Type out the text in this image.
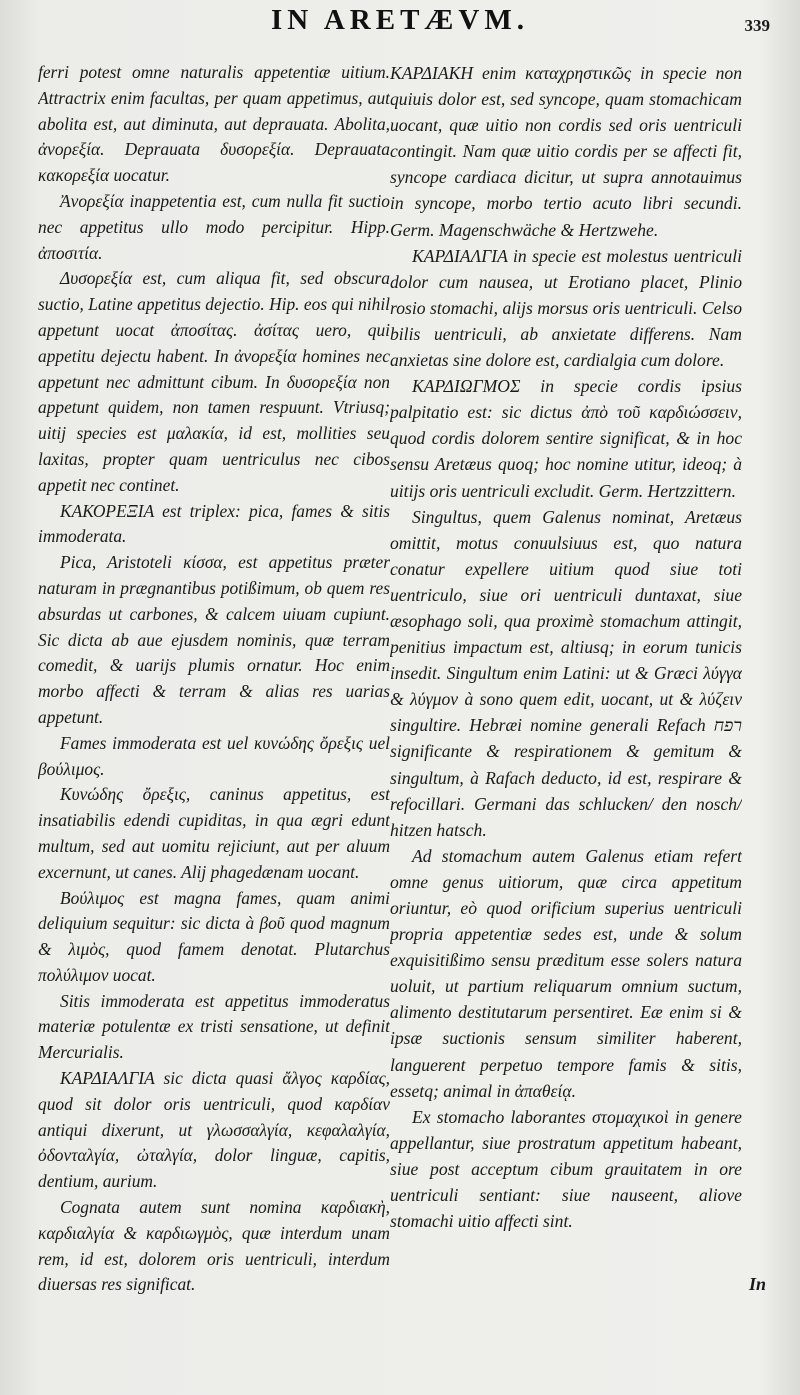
IN ARETÆVM.	339

ferri potest omne naturalis appetentiæ uitium. Attractrix enim facultas, per quam appetimus, aut abolita est, aut diminuta, aut deprauata. Abolita, ἀνορεξία. Deprauata δυσορεξία. Deprauata κακορεξία uocatur.

Ἀνορεξία inappetentia est, cum nulla fit suctio nec appetitus ullo modo percipitur. Hipp. ἀποσιτία.

Δυσορεξία est, cum aliqua fit, sed obscura suctio, Latine appetitus dejectio. Hip. eos qui nihil appetunt uocat ἀποσίτας. ἀσίτας uero, qui appetitu dejectu habent. In ἀνορεξία homines nec appetunt nec admittunt cibum. In δυσορεξία non appetunt quidem, non tamen respuunt. Vtriusq; uitij species est μαλακία, id est, mollities seu laxitas, propter quam uentriculus nec cibos appetit nec continet.

ΚΑΚΟΡΕΞΙΑ est triplex: pica, fames & sitis immoderata.

Pica, Aristoteli κίσσα, est appetitus præter naturam in prægnantibus potißimum, ob quem res absurdas ut carbones, & calcem uiuam cupiunt. Sic dicta ab aue ejusdem nominis, quæ terram comedit, & uarijs plumis ornatur. Hoc enim morbo affecti & terram & alias res uarias appetunt.

Fames immoderata est uel κυνώδης ὄρεξις uel βούλιμος.

Κυνώδης ὄρεξις, caninus appetitus, est insatiabilis edendi cupiditas, in qua ægri edunt multum, sed aut uomitu rejiciunt, aut per aluum excernunt, ut canes. Alij phagedænam uocant.

Βούλιμος est magna fames, quam animi deliquium sequitur: sic dicta à βοῦ quod magnum & λιμὸς, quod famem denotat. Plutarchus πολύλιμον uocat.

Sitis immoderata est appetitus immoderatus materiæ potulentæ ex tristi sensatione, ut definit Mercurialis.

ΚΑΡΔΙΑΛΓΙΑ sic dicta quasi ἄλγος καρδίας, quod sit dolor oris uentriculi, quod καρδίαν antiqui dixerunt, ut γλωσσαλγία, κεφαλαλγία, ὀδονταλγία, ὠταλγία, dolor linguæ, capitis, dentium, aurium.

Cognata autem sunt nomina καρδιακὴ, καρδιαλγία & καρδιωγμὸς, quæ interdum unam rem, id est, dolorem oris uentriculi, interdum diuersas res significat.

ΚΑΡΔΙΑΚΗ enim καταχρηστικῶς in specie non quiuis dolor est, sed syncope, quam stomachicam uocant, quæ uitio non cordis sed oris uentriculi contingit. Nam quæ uitio cordis per se affecti fit, syncope cardiaca dicitur, ut supra annotauimus in syncope, morbo tertio acuto libri secundi. Germ. Magenschwäche & Hertzwehe.

ΚΑΡΔΙΑΛΓΙΑ in specie est molestus uentriculi dolor cum nausea, ut Erotiano placet, Plinio rosio stomachi, alijs morsus oris uentriculi. Celso bilis uentriculi, ab anxietate differens. Nam anxietas sine dolore est, cardialgia cum dolore.

ΚΑΡΔΙΩΓΜΟΣ in specie cordis ipsius palpitatio est: sic dictus ἀπὸ τοῦ καρδιώσσειν, quod cordis dolorem sentire significat, & in hoc sensu Aretæus quoq; hoc nomine utitur, ideoq; à uitijs oris uentriculi excludit. Germ. Hertzzittern.

Singultus, quem Galenus nominat, Aretæus omittit, motus conuulsiuus est, quo natura conatur expellere uitium quod siue toti uentriculo, siue ori uentriculi duntaxat, siue æsophago soli, qua proximè stomachum attingit, penitius impactum est, altiusq; in eorum tunicis insedit. Singultum enim Latini: ut & Græci λύγγα & λύγμον à sono quem edit, uocant, ut & λύζειν singultire. Hebræi nomine generali Refach רפח significante & respirationem & gemitum & singultum, à Rafach deducto, id est, respirare & refocillari. Germani das schlucken/ den nosch/ hitzen hatsch.

Ad stomachum autem Galenus etiam refert omne genus uitiorum, quæ circa appetitum oriuntur, eò quod orificium superius uentriculi propria appetentiæ sedes est, unde & solum exquisitißimo sensu præditum esse solers natura uoluit, ut partium reliquarum omnium suctum, alimento destitutarum persentiret. Eæ enim si & ipsæ suctionis sensum similiter haberent, languerent perpetuo tempore famis & sitis, essetq; animal in ἀπαθείᾳ.

Ex stomacho laborantes στομαχικοὶ in genere appellantur, siue prostratum appetitum habeant, siue post acceptum cibum grauitatem in ore uentriculi sentiant: siue nauseent, aliove stomachi uitio affecti sint.

In
